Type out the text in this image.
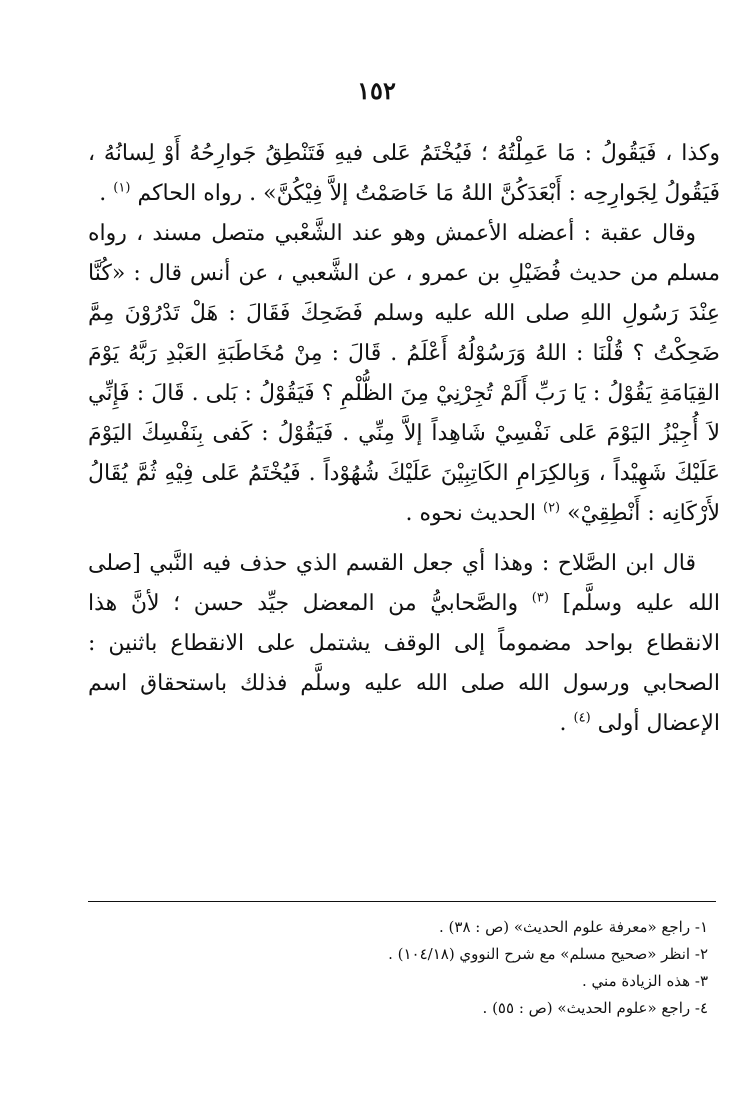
١٥٢

وكذا ، فَيَقُولُ : مَا عَمِلْتُهُ ؛ فَيُخْتَمُ عَلى فيهِ فَتَنْطِقُ جَوارِحُهُ أَوْ لِسانُهُ ، فَيَقُولُ لِجَوارِحِه : أَبْعَدَكُنَّ اللهُ مَا خَاصَمْتُ إلاَّ فِيْكُنَّ» . رواه الحاكم $^{(١)}$ .

وقال عقبة : أعضله الأعمش وهو عند الشَّعْبي متصل مسند ، رواه مسلم من حديث فُضَيْلِ بن عمرو ، عن الشَّعبي ، عن أنس قال : «كُنَّا عِنْدَ رَسُولِ اللهِ صلى الله عليه وسلم فَضَحِكَ فَقَالَ : هَلْ تَدْرُوْنَ مِمَّ ضَحِكْتُ ؟ قُلْنَا : اللهُ وَرَسُوْلُهُ أَعْلَمُ . قَالَ : مِنْ مُخَاطَبَةِ العَبْدِ رَبَّهُ يَوْمَ القِيَامَةِ يَقُوْلُ : يَا رَبِّ أَلَمْ تُجِرْنِيْ مِنَ الظُّلْمِ ؟ فَيَقُوْلُ : بَلى . قَالَ : فَإِنِّي لاَ أُجِيْزُ اليَوْمَ عَلى نَفْسِيْ شَاهِداً إلاَّ مِنِّي . فَيَقُوْلُ : كَفى بِنَفْسِكَ اليَوْمَ عَلَيْكَ شَهِيْداً ، وَبِالكِرَامِ الكَاتِبِيْنَ عَلَيْكَ شُهُوْداً . فَيُخْتَمُ عَلى فِيْهِ ثُمَّ يُقَالُ لأَرْكَانِه : أَنْطِقِيْ» $^{(٢)}$ الحديث نحوه .

قال ابن الصَّلاح : وهذا أي جعل القسم الذي حذف فيه النَّبي [صلى الله عليه وسلَّم] $^{(٣)}$ والصَّحابيُّ من المعضل جيِّد حسن ؛ لأنَّ هذا الانقطاع بواحد مضموماً إلى الوقف يشتمل على الانقطاع باثنين : الصحابي ورسول الله صلى الله عليه وسلَّم فذلك باستحقاق اسم الإعضال أولى $^{(٤)}$ .

١- راجع «معرفة علوم الحديث» (ص : ٣٨) .

٢- انظر «صحيح مسلم» مع شرح النووي (١٠٤/١٨) .

٣- هذه الزيادة مني .

٤- راجع «علوم الحديث» (ص : ٥٥) .
